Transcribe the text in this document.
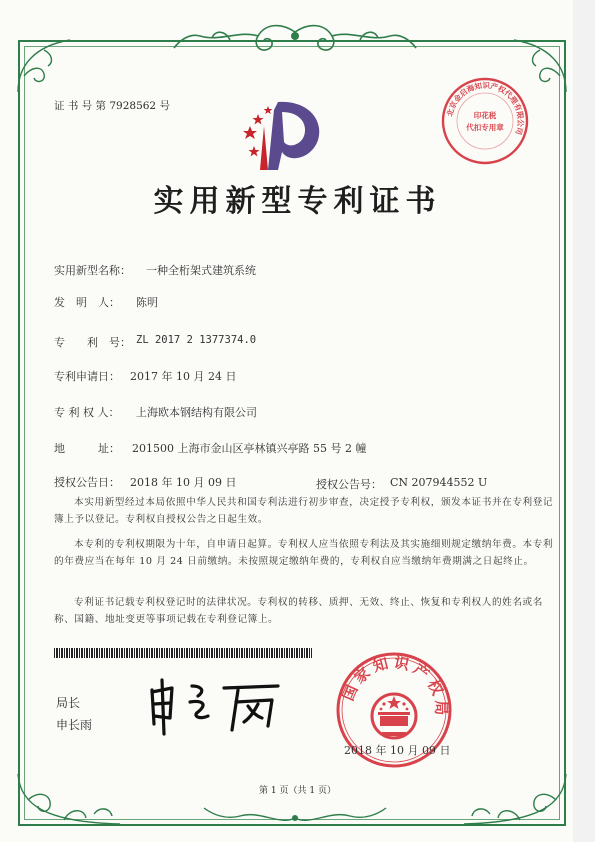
证 书 号 第 7928562 号
北京金启海知识产权代理有限公司
印花税
代扣专用章
实用新型专利证书
实用新型名称： 一种全桁架式建筑系统
发　明　人： 陈明
专　　利　号： ZL 2017 2 1377374.0
专利申请日： 2017 年 10 月 24 日
专 利 权 人： 上海欧本钢结构有限公司
地　　　址： 201500 上海市金山区亭林镇兴亭路 55 号 2 幢
授权公告日： 2018 年 10 月 09 日	授权公告号： CN 207944552 U
本实用新型经过本局依照中华人民共和国专利法进行初步审查，决定授予专利权，颁发本证书并在专利登记簿上予以登记。专利权自授权公告之日起生效。
本专利的专利权期限为十年，自申请日起算。专利权人应当依照专利法及其实施细则规定缴纳年费。本专利的年费应当在每年 10 月 24 日前缴纳。未按照规定缴纳年费的，专利权自应当缴纳年费期满之日起终止。
专利证书记载专利权登记时的法律状况。专利权的转移、质押、无效、终止、恢复和专利权人的姓名或名称、国籍、地址变更等事项记载在专利登记簿上。
局长
申长雨
国家知识产权局
2018 年 10 月 09 日
第 1 页（共 1 页）
